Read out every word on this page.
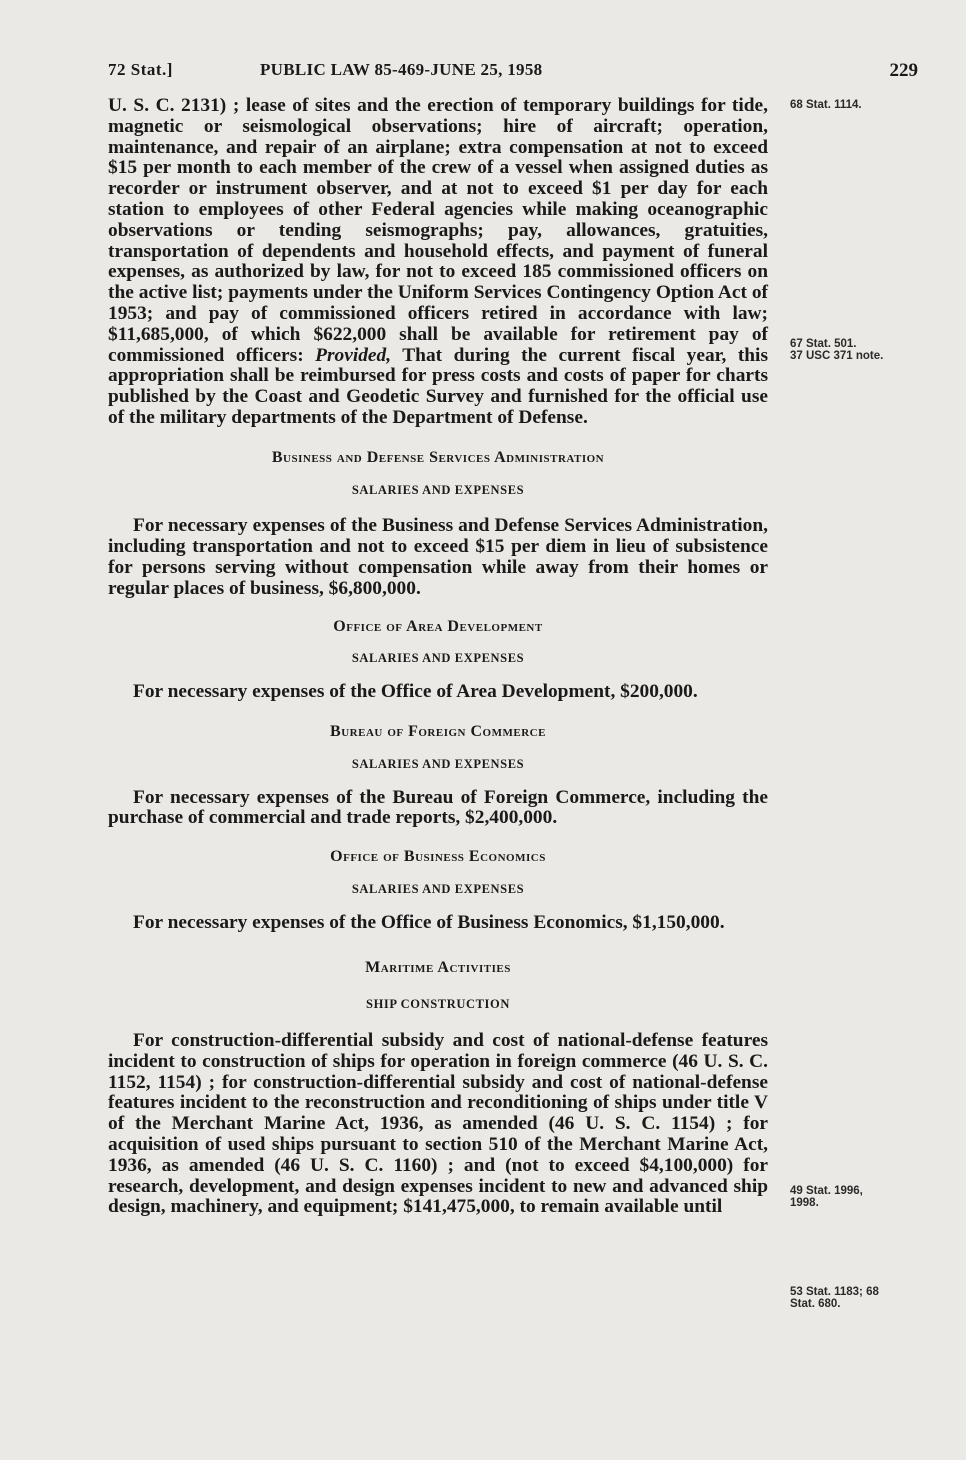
72 Stat.]	PUBLIC LAW 85-469-JUNE 25, 1958	229

U. S. C. 2131) ; lease of sites and the erection of temporary buildings for tide, magnetic or seismological observations; hire of aircraft; operation, maintenance, and repair of an airplane; extra compensation at not to exceed $15 per month to each member of the crew of a vessel when assigned duties as recorder or instrument observer, and at not to exceed $1 per day for each station to employees of other Federal agencies while making oceanographic observations or tending seismographs; pay, allowances, gratuities, transportation of dependents and household effects, and payment of funeral expenses, as authorized by law, for not to exceed 185 commissioned officers on the active list; payments under the Uniform Services Contingency Option Act of 1953; and pay of commissioned officers retired in accordance with law; $11,685,000, of which $622,000 shall be available for retirement pay of commissioned officers: Provided, That during the current fiscal year, this appropriation shall be reimbursed for press costs and costs of paper for charts published by the Coast and Geodetic Survey and furnished for the official use of the military departments of the Department of Defense.

Business and Defense Services Administration

SALARIES AND EXPENSES

For necessary expenses of the Business and Defense Services Administration, including transportation and not to exceed $15 per diem in lieu of subsistence for persons serving without compensation while away from their homes or regular places of business, $6,800,000.

Office of Area Development

SALARIES AND EXPENSES

For necessary expenses of the Office of Area Development, $200,000.

Bureau of Foreign Commerce

SALARIES AND EXPENSES

For necessary expenses of the Bureau of Foreign Commerce, including the purchase of commercial and trade reports, $2,400,000.

Office of Business Economics

SALARIES AND EXPENSES

For necessary expenses of the Office of Business Economics, $1,150,000.

Maritime Activities

SHIP CONSTRUCTION

For construction-differential subsidy and cost of national-defense features incident to construction of ships for operation in foreign commerce (46 U. S. C. 1152, 1154) ; for construction-differential subsidy and cost of national-defense features incident to the reconstruction and reconditioning of ships under title V of the Merchant Marine Act, 1936, as amended (46 U. S. C. 1154) ; for acquisition of used ships pursuant to section 510 of the Merchant Marine Act, 1936, as amended (46 U. S. C. 1160) ; and (not to exceed $4,100,000) for research, development, and design expenses incident to new and advanced ship design, machinery, and equipment; $141,475,000, to remain available until

68 Stat. 1114.
67 Stat. 501.
37 USC 371 note.
49 Stat. 1996,
1998.
53 Stat. 1183; 68
Stat. 680.
